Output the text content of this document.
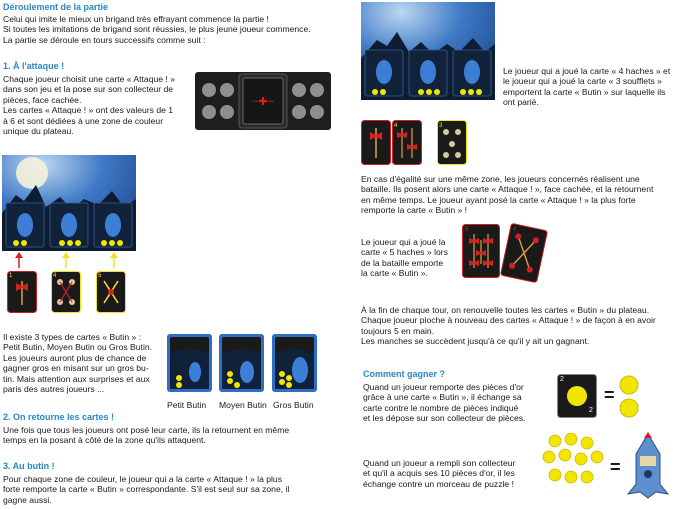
Déroulement de la partie
Celui qui imite le mieux un brigand très effrayant commence la partie !
Si toutes les imitations de brigand sont réussies, le plus jeune joueur commence.
La partie se déroule en tours successifs comme suit :
1. À l'attaque !
Chaque joueur choisit une carte « Attaque ! »
dans son jeu et la pose sur son collecteur de
pièces, face cachée.
Les cartes « Attaque ! » ont des valeurs de 1
à 6 et sont dédiées à une zone de couleur
unique du plateau.
~✚~
1	4	5
Il existe 3 types de cartes « Butin » :
Petit Butin, Moyen Butin ou Gros Butin.
Les joueurs auront plus de chance de
gagner gros en misant sur un gros bu-
tin. Mais attention aux surprises et aux
paris des autres joueurs ...
Petit Butin Moyen Butin Gros Butin
2. On retourne les cartes !
Une fois que tous les joueurs ont posé leur carte, ils la retournent en même
temps en la posant à côté de la zone qu'ils attaquent.
3. Au butin !
Pour chaque zone de couleur, le joueur qui a la carte « Attaque ! » la plus
forte remporte la carte « Butin » correspondante. S'il est seul sur sa zone, il
gagne aussi.
4	3
Le joueur qui a joué la carte « 4 haches » et
le joueur qui a joué la carte « 3 soufflets »
emportent la carte « Butin » sur laquelle ils
ont parié.
En cas d'égalité sur une même zone, les joueurs concernés réalisent une
bataille. Ils posent alors une carte « Attaque ! », face cachée, et la retournent
en même temps. Le joueur ayant posé la carte « Attaque ! » la plus forte
remporte la carte « Butin » !
Le joueur qui a joué la
carte « 5 haches » lors
de la bataille emporte
la carte « Butin ».
5	4
À la fin de chaque tour, on renouvelle toutes les cartes « Butin » du plateau.
Chaque joueur pioche à nouveau des cartes « Attaque ! » de façon à en avoir
toujours 5 en main.
Les manches se succèdent jusqu'à ce qu'il y ait un gagnant.
Comment gagner ?
Quand un joueur remporte des pièces d'or
grâce à une carte « Butin », il échange sa
carte contre le nombre de pièces indiqué
et les dépose sur son collecteur de pièces.
2
2
=
Quand un joueur a rempli son collecteur
et qu'il a acquis ses 10 pièces d'or, il les
échange contre un morceau de puzzle !
=
